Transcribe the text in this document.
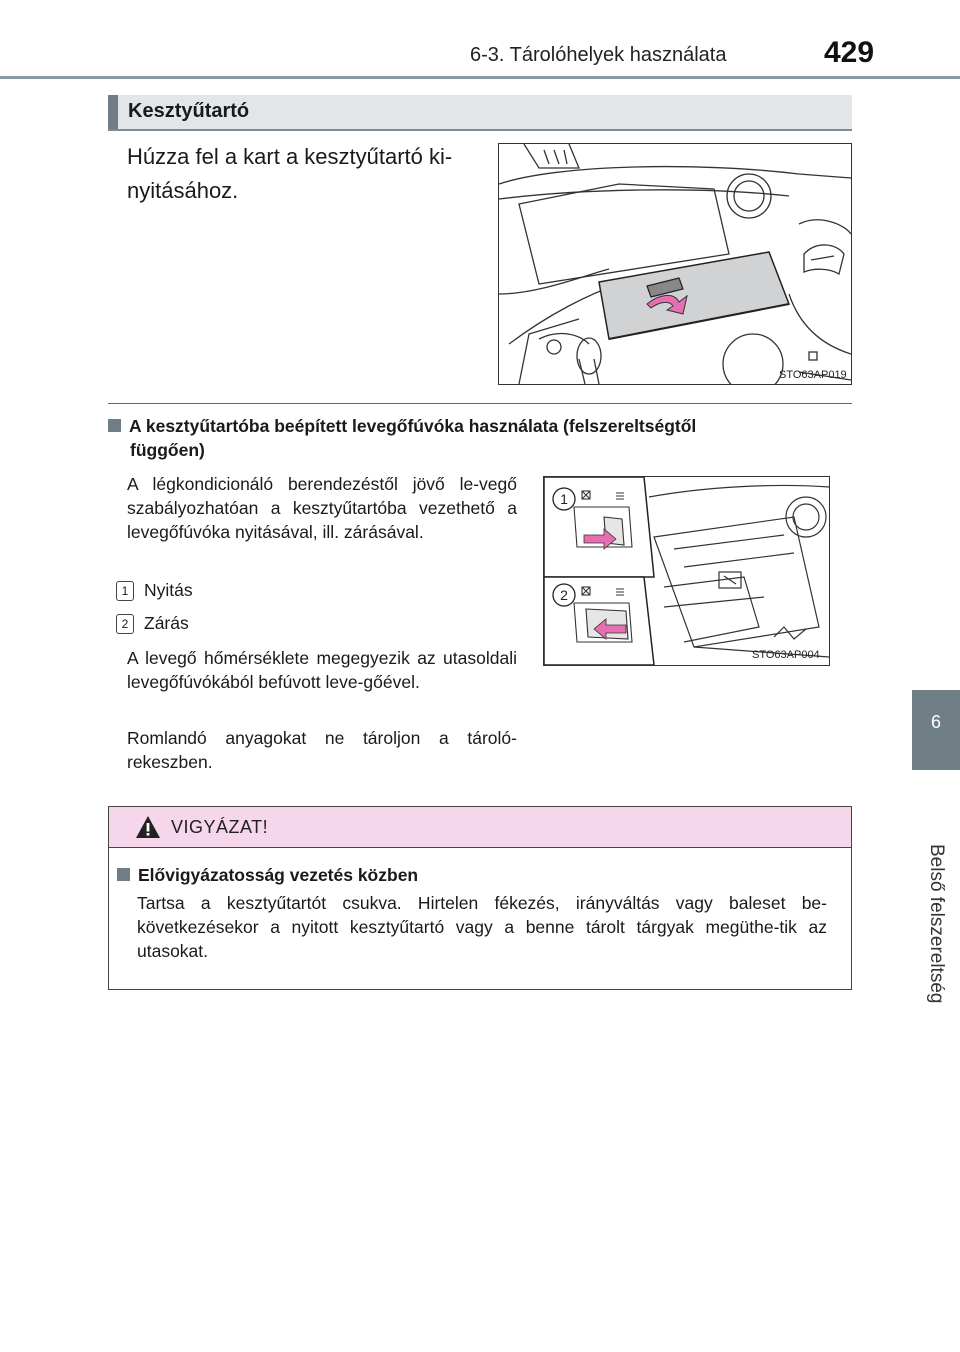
6-3. Tárolóhelyek használata	429
6
Belső felszereltség
Kesztyűtartó
Húzza fel a kart a kesztyűtartó ki-nyitásához.
STO63AP019
A kesztyűtartóba beépített levegőfúvóka használata (felszereltségtől
függően)
A légkondicionáló berendezéstől jövő le-vegő szabályozhatóan a kesztyűtartóba vezethető a levegőfúvóka nyitásával, ill. zárásával.
1 Nyitás
2 Zárás
A levegő hőmérséklete megegyezik az utasoldali levegőfúvókából befúvott leve-gőével.
Romlandó anyagokat ne tároljon a tároló-rekeszben.
1
2
STO63AP004
VIGYÁZAT!
Elővigyázatosság vezetés közben
Tartsa a kesztyűtartót csukva. Hirtelen fékezés, irányváltás vagy baleset be-következésekor a nyitott kesztyűtartó vagy a benne tárolt tárgyak megüthe-tik az utasokat.
